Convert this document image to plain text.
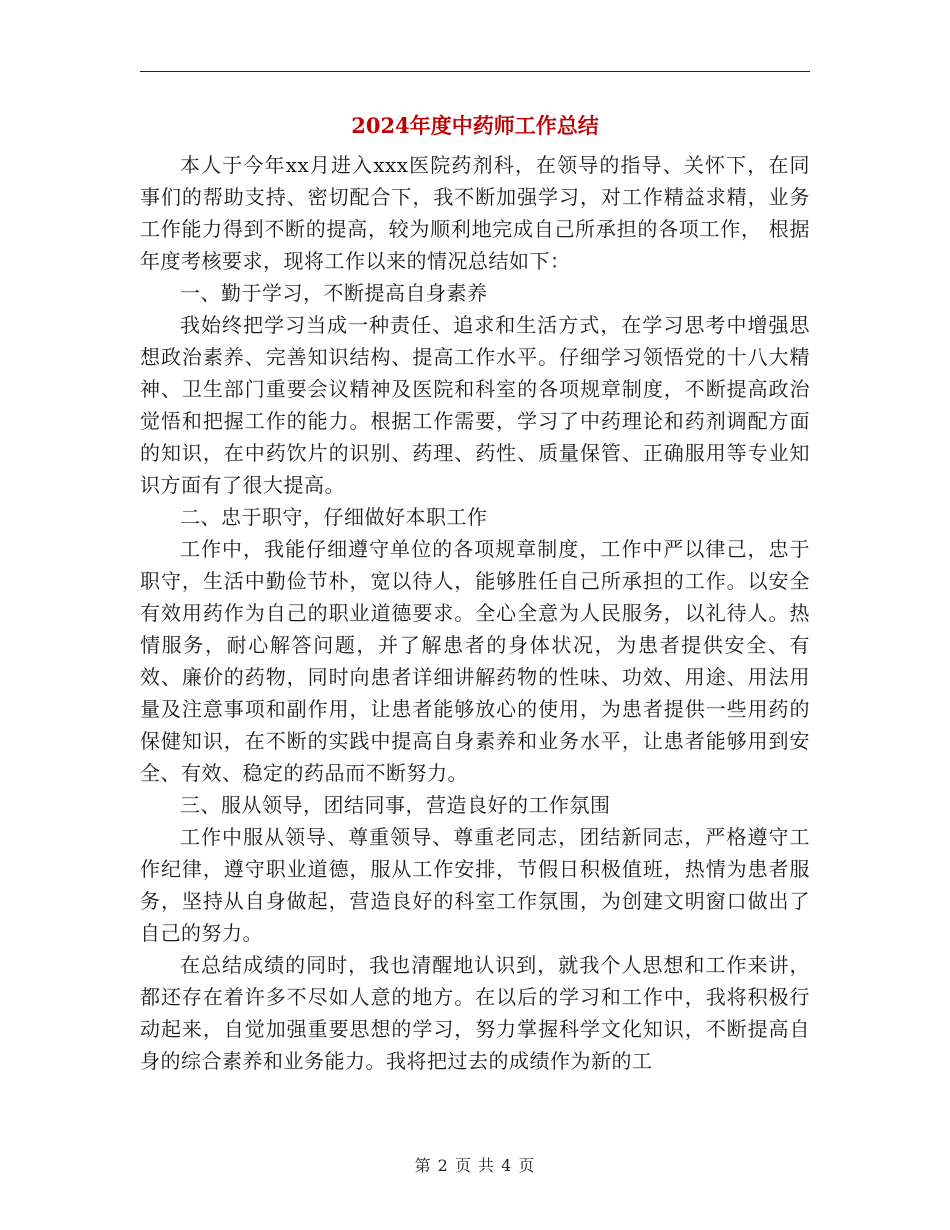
2024年度中药师工作总结

本人于今年xx月进入xxx医院药剂科，在领导的指导、关怀下，在同事们的帮助支持、密切配合下，我不断加强学习，对工作精益求精，业务工作能力得到不断的提高，较为顺利地完成自己所承担的各项工作， 根据年度考核要求，现将工作以来的情况总结如下：

一、勤于学习，不断提高自身素养

我始终把学习当成一种责任、追求和生活方式，在学习思考中增强思想政治素养、完善知识结构、提高工作水平。仔细学习领悟党的十八大精神、卫生部门重要会议精神及医院和科室的各项规章制度，不断提高政治觉悟和把握工作的能力。根据工作需要，学习了中药理论和药剂调配方面的知识，在中药饮片的识别、药理、药性、质量保管、正确服用等专业知识方面有了很大提高。

二、忠于职守，仔细做好本职工作

工作中，我能仔细遵守单位的各项规章制度，工作中严以律己，忠于职守，生活中勤俭节朴，宽以待人，能够胜任自己所承担的工作。以安全有效用药作为自己的职业道德要求。全心全意为人民服务，以礼待人。热情服务，耐心解答问题，并了解患者的身体状况，为患者提供安全、有效、廉价的药物，同时向患者详细讲解药物的性味、功效、用途、用法用量及注意事项和副作用，让患者能够放心的使用，为患者提供一些用药的保健知识，在不断的实践中提高自身素养和业务水平，让患者能够用到安全、有效、稳定的药品而不断努力。

三、服从领导，团结同事，营造良好的工作氛围

工作中服从领导、尊重领导、尊重老同志，团结新同志，严格遵守工作纪律，遵守职业道德，服从工作安排，节假日积极值班，热情为患者服务，坚持从自身做起，营造良好的科室工作氛围，为创建文明窗口做出了自己的努力。

在总结成绩的同时，我也清醒地认识到，就我个人思想和工作来讲，都还存在着许多不尽如人意的地方。在以后的学习和工作中，我将积极行动起来，自觉加强重要思想的学习，努力掌握科学文化知识，不断提高自身的综合素养和业务能力。我将把过去的成绩作为新的工

第 2 页 共 4 页
